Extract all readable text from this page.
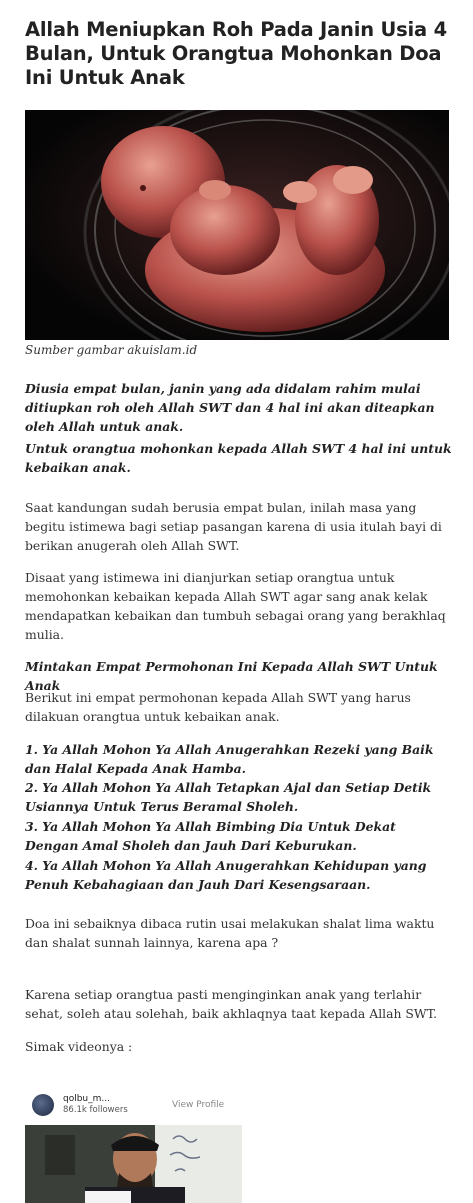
Allah Meniupkan Roh Pada Janin Usia 4 Bulan, Untuk Orangtua Mohonkan Doa Ini Untuk Anak
Sumber gambar akuislam.id

Diusia empat bulan, janin yang ada didalam rahim mulai ditiupkan roh oleh Allah SWT dan 4 hal ini akan diteapkan oleh Allah untuk anak.

Untuk orangtua mohonkan kepada Allah SWT 4 hal ini untuk kebaikan anak.

Saat kandungan sudah berusia empat bulan, inilah masa yang begitu istimewa bagi setiap pasangan karena di usia itulah bayi di berikan anugerah oleh Allah SWT.

Disaat yang istimewa ini dianjurkan setiap orangtua untuk memohonkan kebaikan kepada Allah SWT agar sang anak kelak mendapatkan kebaikan dan tumbuh sebagai orang yang berakhlaq mulia.

Mintakan Empat Permohonan Ini Kepada Allah SWT Untuk Anak

Berikut ini empat permohonan kepada Allah SWT yang harus dilakuan orangtua untuk kebaikan anak.

1. Ya Allah Mohon Ya Allah Anugerahkan Rezeki yang Baik dan Halal Kepada Anak Hamba.

2. Ya Allah Mohon Ya Allah Tetapkan Ajal dan Setiap Detik Usiannya Untuk Terus Beramal Sholeh.

3. Ya Allah Mohon Ya Allah Bimbing Dia Untuk Dekat Dengan Amal Sholeh dan Jauh Dari Keburukan.

4. Ya Allah Mohon Ya Allah Anugerahkan Kehidupan yang Penuh Kebahagiaan dan Jauh Dari Kesengsaraan.

Doa ini sebaiknya dibaca rutin usai melakukan shalat lima waktu dan shalat sunnah lainnya, karena apa ?

Karena setiap orangtua pasti menginginkan anak yang terlahir sehat, soleh atau solehah, baik akhlaqnya taat kepada Allah SWT.

Simak videonya :

qolbu_m...
86.1k followers	View Profile
